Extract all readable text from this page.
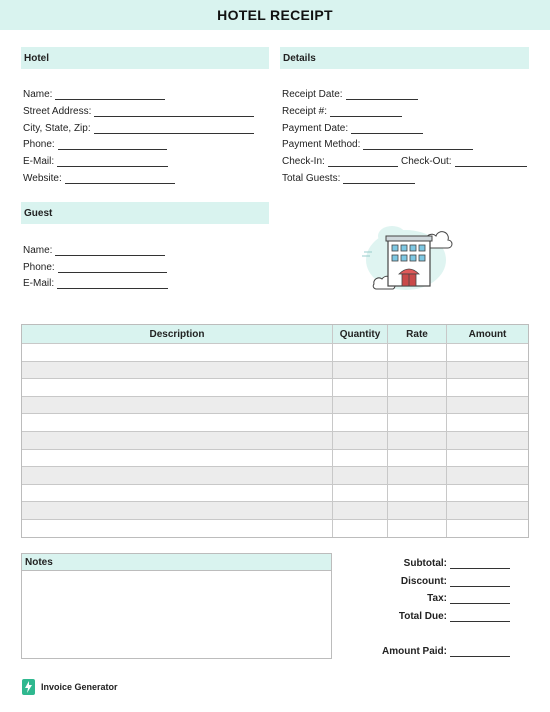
HOTEL RECEIPT
Hotel
Name:
Street Address:
City, State, Zip:
Phone:
E-Mail:
Website:
Details
Receipt Date:
Receipt #:
Payment Date:
Payment Method:
Check-In:	Check-Out:
Total Guests:
Guest
Name:
Phone:
E-Mail:
Description	Quantity	Rate	Amount
Notes	Subtotal:
Discount:
Tax:
Total Due:
Amount Paid:
Invoice Generator
